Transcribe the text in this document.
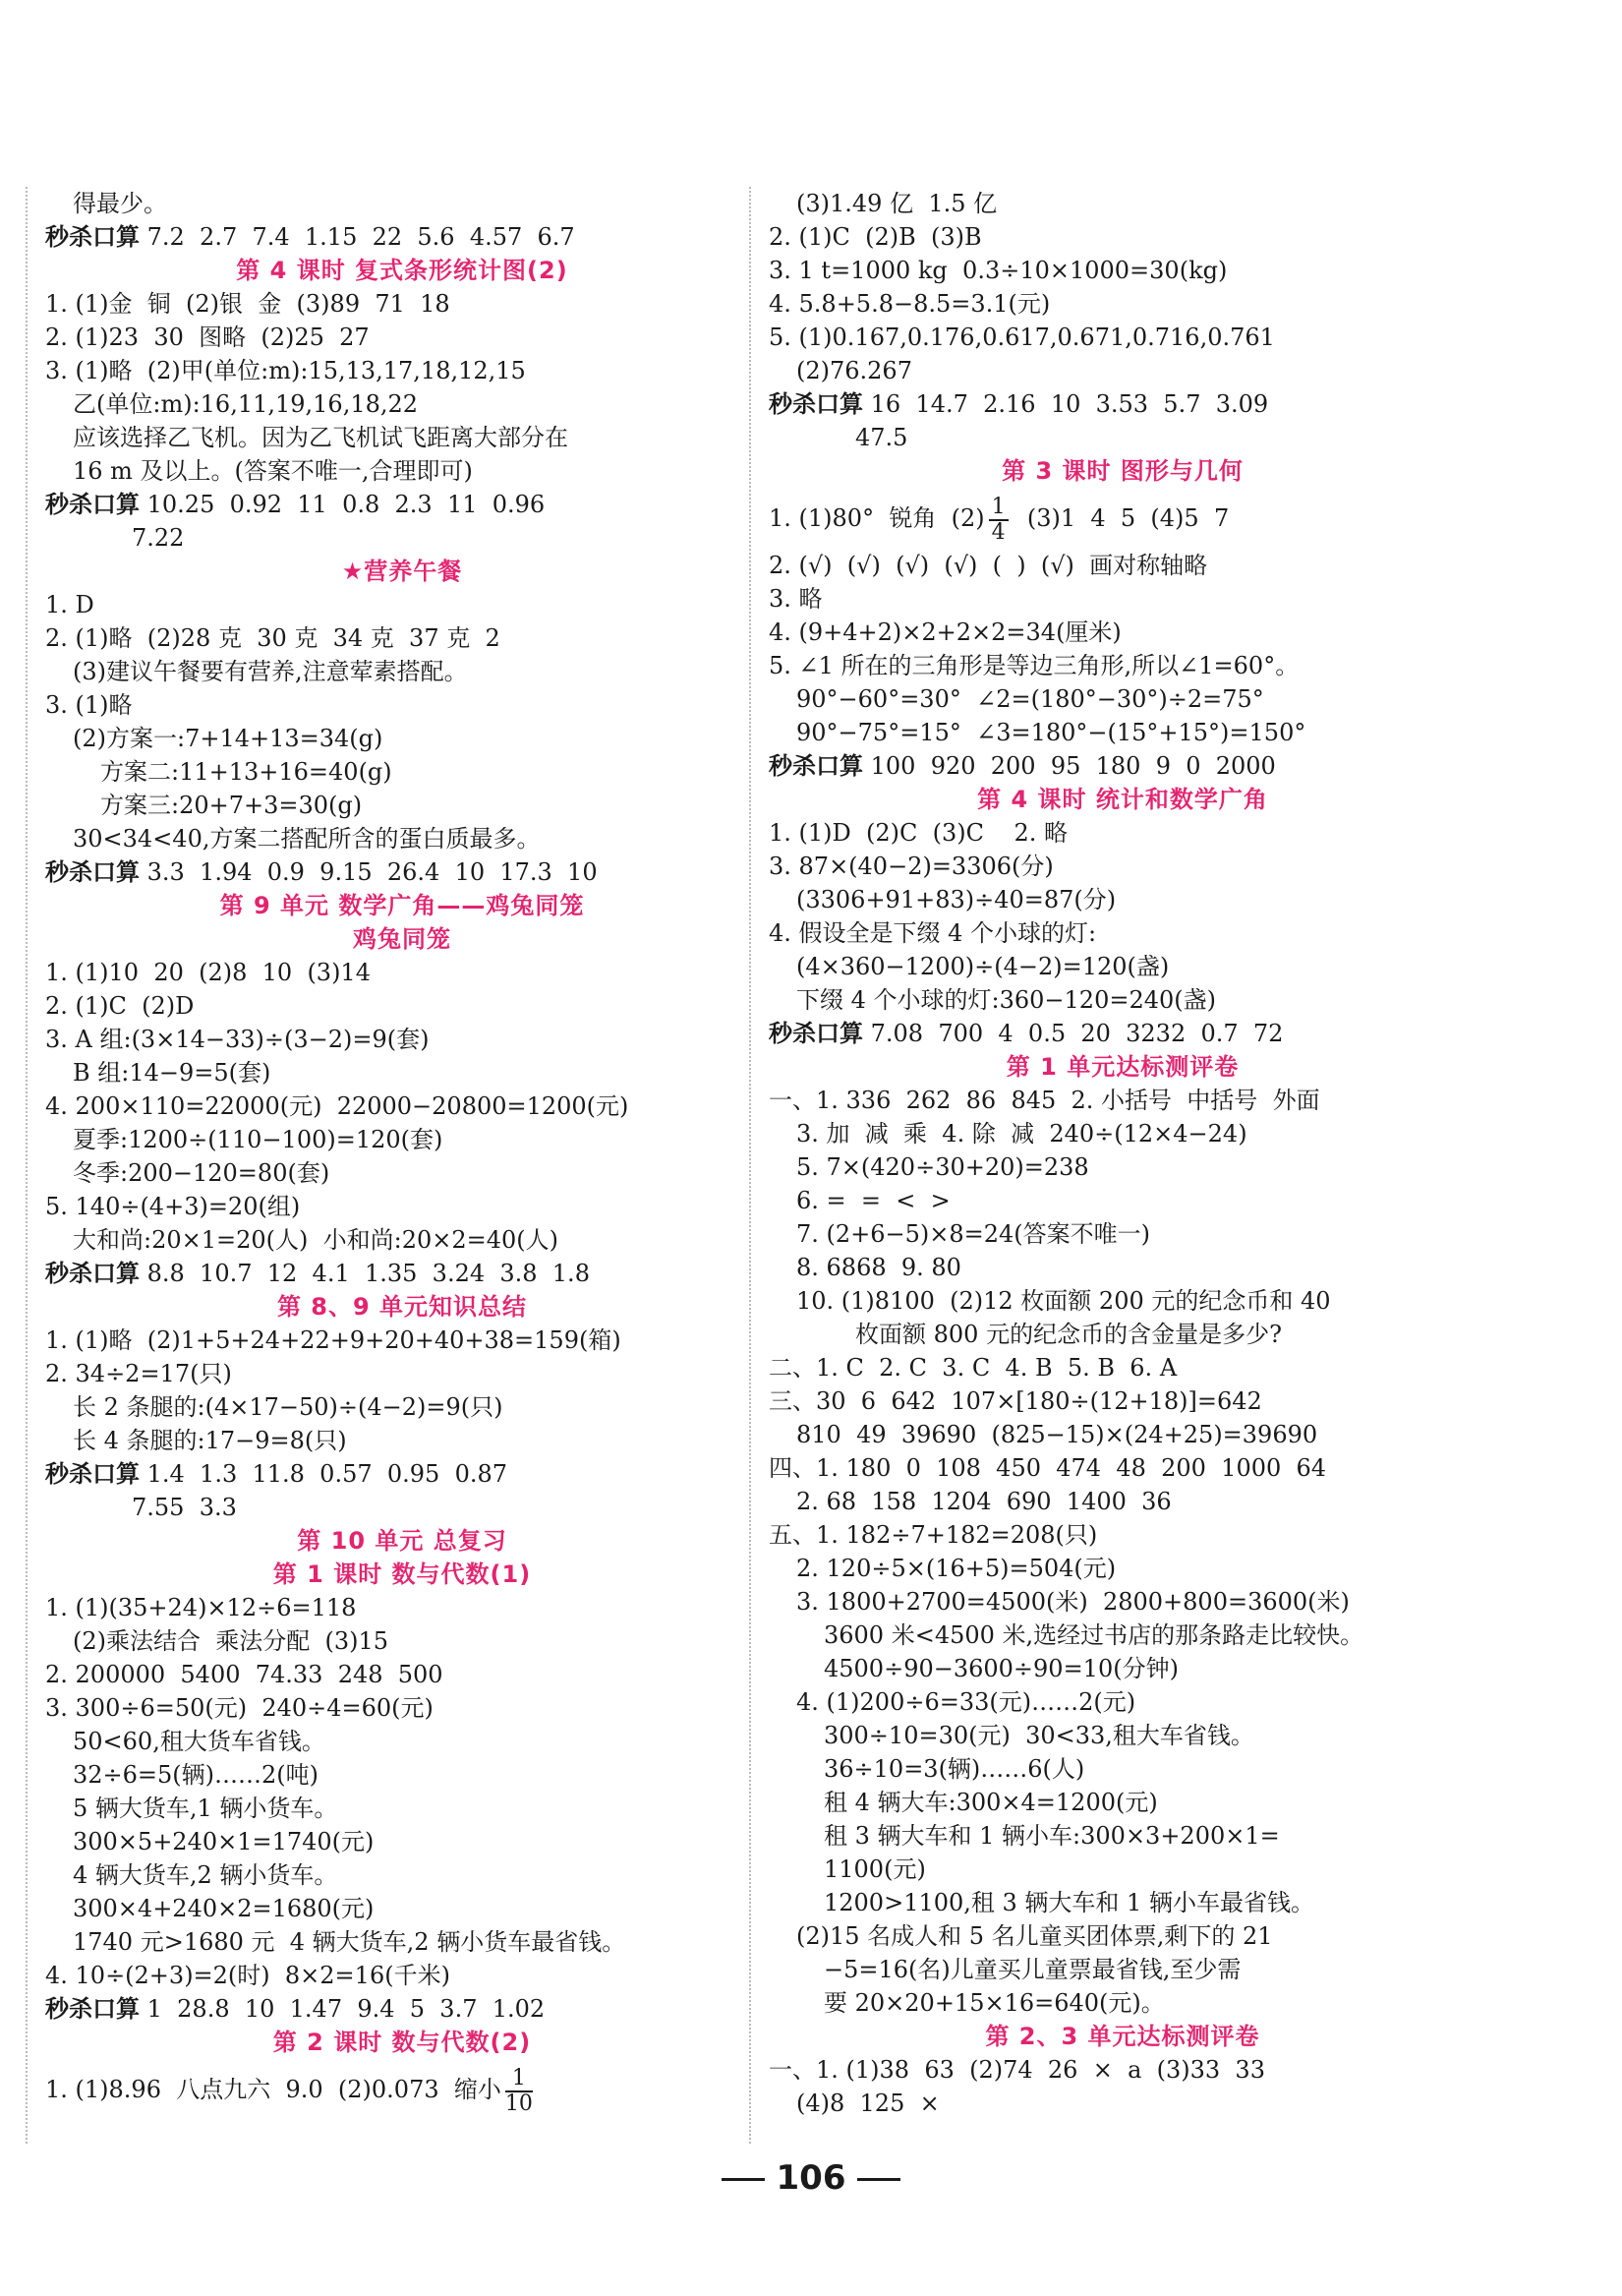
得最少。
秒杀口算 7.2  2.7  7.4  1.15  22  5.6  4.57  6.7
第 4 课时 复式条形统计图(2)
1. (1)金  铜  (2)银  金  (3)89  71  18
2. (1)23  30  图略  (2)25  27
3. (1)略  (2)甲(单位:m):15,13,17,18,12,15
乙(单位:m):16,11,19,16,18,22
应该选择乙飞机。因为乙飞机试飞距离大部分在
16 m 及以上。(答案不唯一,合理即可)
秒杀口算 10.25  0.92  11  0.8  2.3  11  0.96
7.22
★营养午餐
1. D
2. (1)略  (2)28 克  30 克  34 克  37 克  2
(3)建议午餐要有营养,注意荤素搭配。
3. (1)略
(2)方案一:7+14+13=34(g)
方案二:11+13+16=40(g)
方案三:20+7+3=30(g)
30<34<40,方案二搭配所含的蛋白质最多。
秒杀口算 3.3  1.94  0.9  9.15  26.4  10  17.3  10
第 9 单元 数学广角——鸡兔同笼
鸡兔同笼
1. (1)10  20  (2)8  10  (3)14
2. (1)C  (2)D
3. A 组:(3×14−33)÷(3−2)=9(套)
B 组:14−9=5(套)
4. 200×110=22000(元)  22000−20800=1200(元)
夏季:1200÷(110−100)=120(套)
冬季:200−120=80(套)
5. 140÷(4+3)=20(组)
大和尚:20×1=20(人)  小和尚:20×2=40(人)
秒杀口算 8.8  10.7  12  4.1  1.35  3.24  3.8  1.8
第 8、9 单元知识总结
1. (1)略  (2)1+5+24+22+9+20+40+38=159(箱)
2. 34÷2=17(只)
长 2 条腿的:(4×17−50)÷(4−2)=9(只)
长 4 条腿的:17−9=8(只)
秒杀口算 1.4  1.3  11.8  0.57  0.95  0.87
7.55  3.3
第 10 单元 总复习
第 1 课时 数与代数(1)
1. (1)(35+24)×12÷6=118
(2)乘法结合  乘法分配  (3)15
2. 200000  5400  74.33  248  500
3. 300÷6=50(元)  240÷4=60(元)
50<60,租大货车省钱。
32÷6=5(辆)……2(吨)
5 辆大货车,1 辆小货车。
300×5+240×1=1740(元)
4 辆大货车,2 辆小货车。
300×4+240×2=1680(元)
1740 元>1680 元  4 辆大货车,2 辆小货车最省钱。
4. 10÷(2+3)=2(时)  8×2=16(千米)
秒杀口算 1  28.8  10  1.47  9.4  5  3.7  1.02
第 2 课时 数与代数(2)
1. (1)8.96  八点九六  9.0  (2)0.073  缩小 $\frac{1}{10}$
(3)1.49 亿  1.5 亿
2. (1)C  (2)B  (3)B
3. 1 t=1000 kg  0.3÷10×1000=30(kg)
4. 5.8+5.8−8.5=3.1(元)
5. (1)0.167,0.176,0.617,0.671,0.716,0.761
(2)76.267
秒杀口算 16  14.7  2.16  10  3.53  5.7  3.09
47.5
第 3 课时 图形与几何
1. (1)80°  锐角  $(2) \frac{1}{4} (3)1$  4  5  (4)5  7
2. (√)  (√)  (√)  (√)  (  )  (√)  画对称轴略
3. 略
4. (9+4+2)×2+2×2=34(厘米)
5. ∠1 所在的三角形是等边三角形,所以∠1=60°。
90°−60°=30°  ∠2=(180°−30°)÷2=75°
90°−75°=15°  ∠3=180°−(15°+15°)=150°
秒杀口算 100  920  200  95  180  9  0  2000
第 4 课时 统计和数学广角
1. (1)D  (2)C  (3)C    2. 略
3. 87×(40−2)=3306(分)
(3306+91+83)÷40=87(分)
4. 假设全是下缀 4 个小球的灯:
(4×360−1200)÷(4−2)=120(盏)
下缀 4 个小球的灯:360−120=240(盏)
秒杀口算 7.08  700  4  0.5  20  3232  0.7  72
第 1 单元达标测评卷
一、1. 336  262  86  845  2. 小括号  中括号  外面
3. 加  减  乘  4. 除  减  240÷(12×4−24)
5. 7×(420÷30+20)=238
6. =  =  <  >
7. (2+6−5)×8=24(答案不唯一)
8. 6868  9. 80
10. (1)8100  (2)12 枚面额 200 元的纪念币和 40
枚面额 800 元的纪念币的含金量是多少?
二、1. C  2. C  3. C  4. B  5. B  6. A
三、30  6  642  107×[180÷(12+18)]=642
810  49  39690  (825−15)×(24+25)=39690
四、1. 180  0  108  450  474  48  200  1000  64
2. 68  158  1204  690  1400  36
五、1. 182÷7+182=208(只)
2. 120÷5×(16+5)=504(元)
3. 1800+2700=4500(米)  2800+800=3600(米)
3600 米<4500 米,选经过书店的那条路走比较快。
4500÷90−3600÷90=10(分钟)
4. (1)200÷6=33(元)……2(元)
300÷10=30(元)  30<33,租大车省钱。
36÷10=3(辆)……6(人)
租 4 辆大车:300×4=1200(元)
租 3 辆大车和 1 辆小车:300×3+200×1=
1100(元)
1200>1100,租 3 辆大车和 1 辆小车最省钱。
(2)15 名成人和 5 名儿童买团体票,剩下的 21
−5=16(名)儿童买儿童票最省钱,至少需
要 20×20+15×16=640(元)。
第 2、3 单元达标测评卷
一、1. (1)38  63  (2)74  26  ×  a  (3)33  33
(4)8  125  ×
106
